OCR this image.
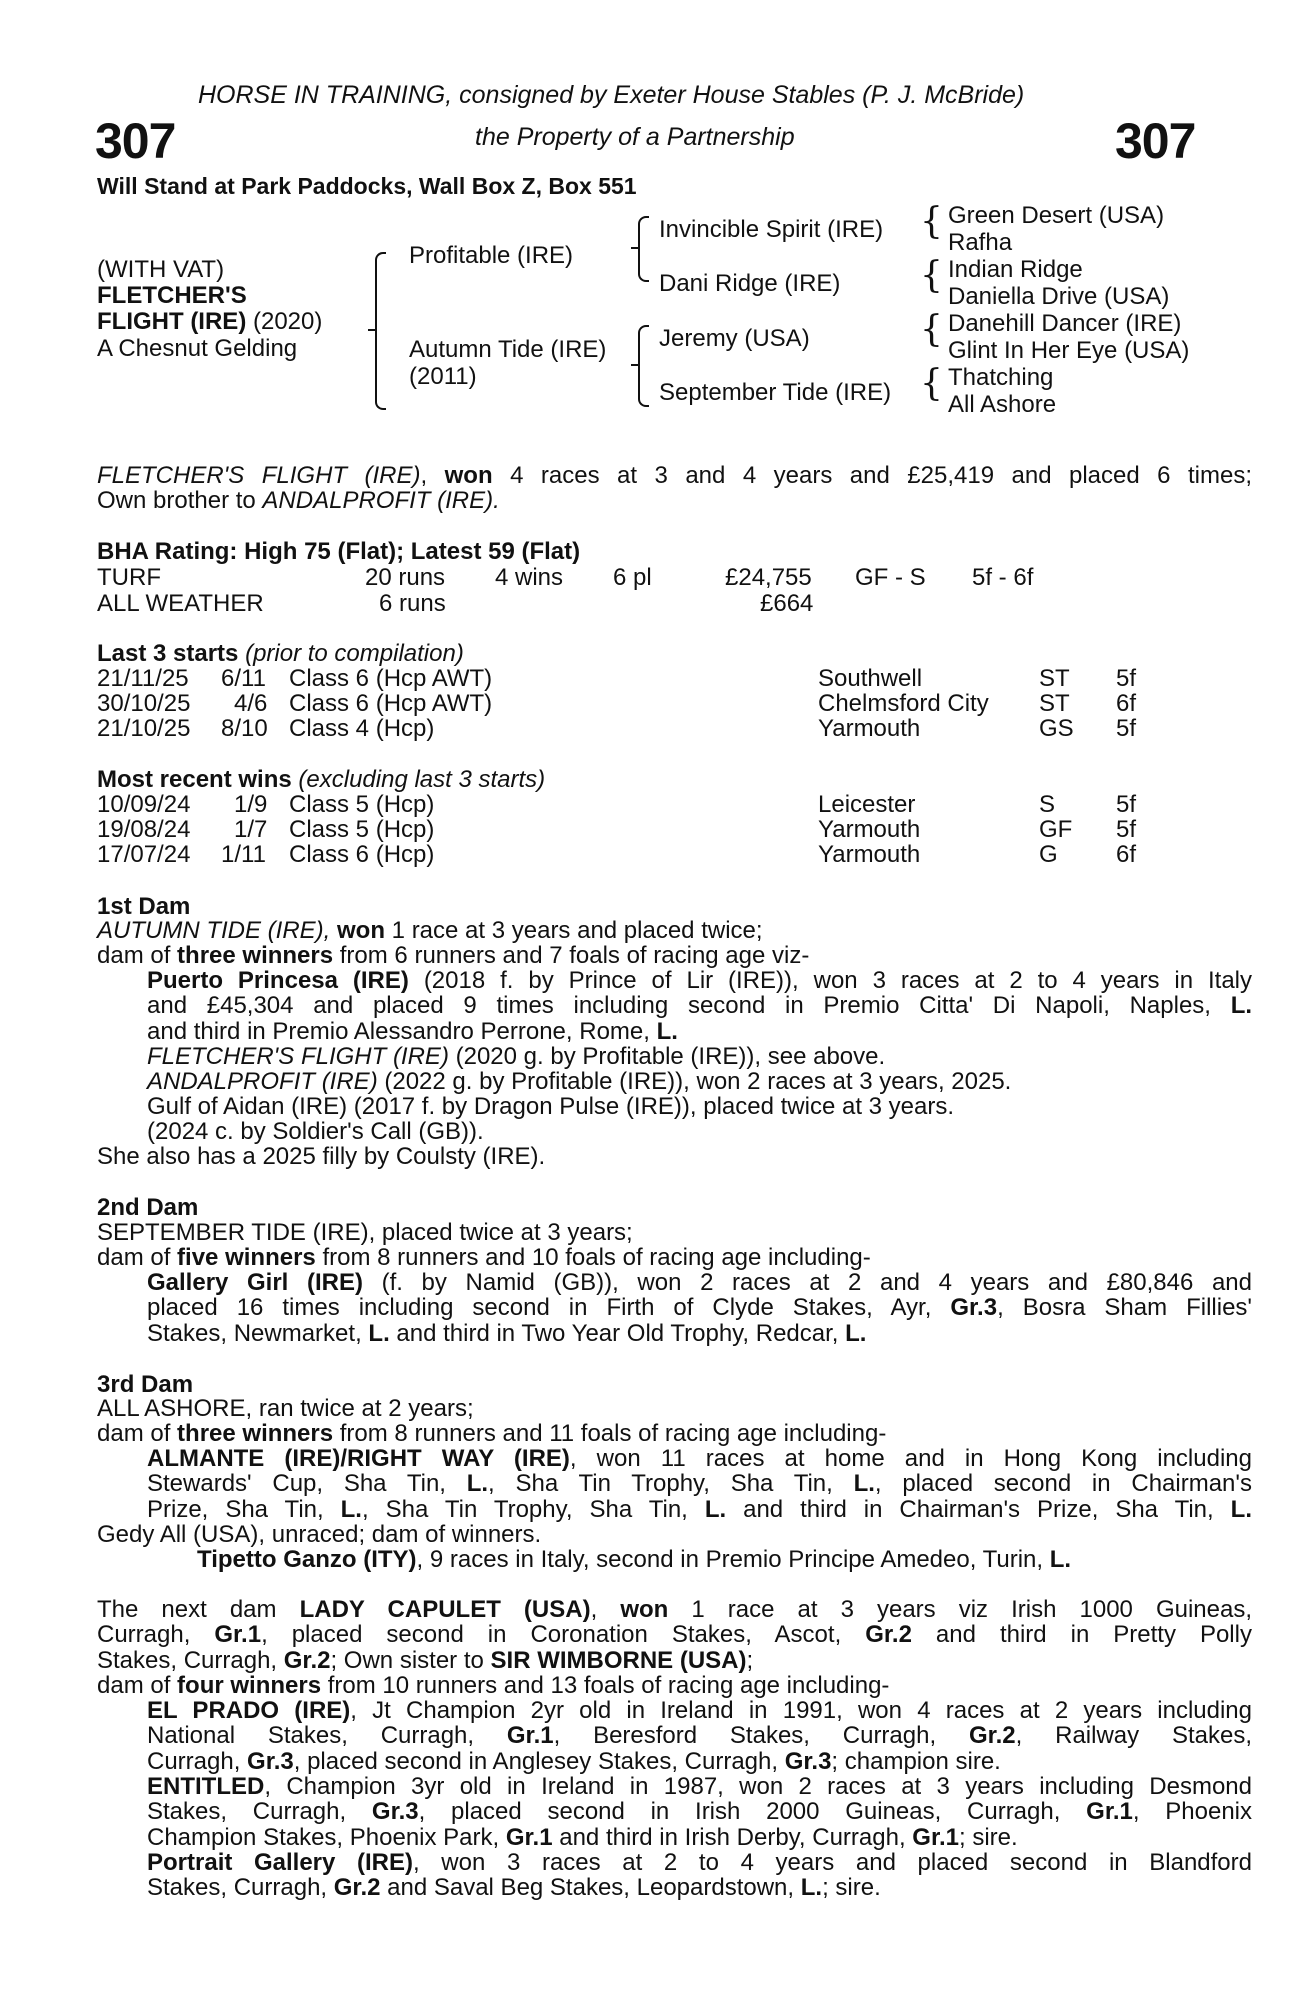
HORSE IN TRAINING, consigned by Exeter House Stables (P. J. McBride)
307	the Property of a Partnership	307
Will Stand at Park Paddocks, Wall Box Z, Box 551
(WITH VAT)
FLETCHER'S
FLIGHT (IRE) (2020)
A Chesnut Gelding
Profitable (IRE)
Autumn Tide (IRE)
(2011)
Invincible Spirit (IRE)
Dani Ridge (IRE)
Jeremy (USA)
September Tide (IRE)
{
{
{
{
Green Desert (USA)
Rafha
Indian Ridge
Daniella Drive (USA)
Danehill Dancer (IRE)
Glint In Her Eye (USA)
Thatching
All Ashore
FLETCHER'S FLIGHT (IRE), won 4 races at 3 and 4 years and £25,419 and placed 6 times;
Own brother to ANDALPROFIT (IRE).
BHA Rating: High 75 (Flat); Latest 59 (Flat)
TURF	20 runs 4 wins 6 pl	£24,755 GF - S 5f - 6f
ALL WEATHER	6 runs	£664
Last 3 starts (prior to compilation)
21/11/25 6/11 Class 6 (Hcp AWT)	Southwell	ST 5f
30/10/25 4/6 Class 6 (Hcp AWT)	Chelmsford City ST 6f
21/10/25 8/10 Class 4 (Hcp)	Yarmouth	GS 5f
Most recent wins (excluding last 3 starts)
10/09/24 1/9 Class 5 (Hcp)	Leicester	S	5f
19/08/24 1/7 Class 5 (Hcp)	Yarmouth	GF 5f
17/07/24 1/11 Class 6 (Hcp)	Yarmouth	G 6f
1st Dam
AUTUMN TIDE (IRE), won 1 race at 3 years and placed twice;
dam of three winners from 6 runners and 7 foals of racing age viz-
Puerto Princesa (IRE) (2018 f. by Prince of Lir (IRE)), won 3 races at 2 to 4 years in Italy
and £45,304 and placed 9 times including second in Premio Citta' Di Napoli, Naples, L.
and third in Premio Alessandro Perrone, Rome, L.
FLETCHER'S FLIGHT (IRE) (2020 g. by Profitable (IRE)), see above.
ANDALPROFIT (IRE) (2022 g. by Profitable (IRE)), won 2 races at 3 years, 2025.
Gulf of Aidan (IRE) (2017 f. by Dragon Pulse (IRE)), placed twice at 3 years.
(2024 c. by Soldier's Call (GB)).
She also has a 2025 filly by Coulsty (IRE).
2nd Dam
SEPTEMBER TIDE (IRE), placed twice at 3 years;
dam of five winners from 8 runners and 10 foals of racing age including-
Gallery Girl (IRE) (f. by Namid (GB)), won 2 races at 2 and 4 years and £80,846 and
placed 16 times including second in Firth of Clyde Stakes, Ayr, Gr.3, Bosra Sham Fillies'
Stakes, Newmarket, L. and third in Two Year Old Trophy, Redcar, L.
3rd Dam
ALL ASHORE, ran twice at 2 years;
dam of three winners from 8 runners and 11 foals of racing age including-
ALMANTE (IRE)/RIGHT WAY (IRE), won 11 races at home and in Hong Kong including
Stewards' Cup, Sha Tin, L., Sha Tin Trophy, Sha Tin, L., placed second in Chairman's
Prize, Sha Tin, L., Sha Tin Trophy, Sha Tin, L. and third in Chairman's Prize, Sha Tin, L.
Gedy All (USA), unraced; dam of winners.
Tipetto Ganzo (ITY), 9 races in Italy, second in Premio Principe Amedeo, Turin, L.
The next dam LADY CAPULET (USA), won 1 race at 3 years viz Irish 1000 Guineas,
Curragh, Gr.1, placed second in Coronation Stakes, Ascot, Gr.2 and third in Pretty Polly
Stakes, Curragh, Gr.2; Own sister to SIR WIMBORNE (USA);
dam of four winners from 10 runners and 13 foals of racing age including-
EL PRADO (IRE), Jt Champion 2yr old in Ireland in 1991, won 4 races at 2 years including
National Stakes, Curragh, Gr.1, Beresford Stakes, Curragh, Gr.2, Railway Stakes,
Curragh, Gr.3, placed second in Anglesey Stakes, Curragh, Gr.3; champion sire.
ENTITLED, Champion 3yr old in Ireland in 1987, won 2 races at 3 years including Desmond
Stakes, Curragh, Gr.3, placed second in Irish 2000 Guineas, Curragh, Gr.1, Phoenix
Champion Stakes, Phoenix Park, Gr.1 and third in Irish Derby, Curragh, Gr.1; sire.
Portrait Gallery (IRE), won 3 races at 2 to 4 years and placed second in Blandford
Stakes, Curragh, Gr.2 and Saval Beg Stakes, Leopardstown, L.; sire.
